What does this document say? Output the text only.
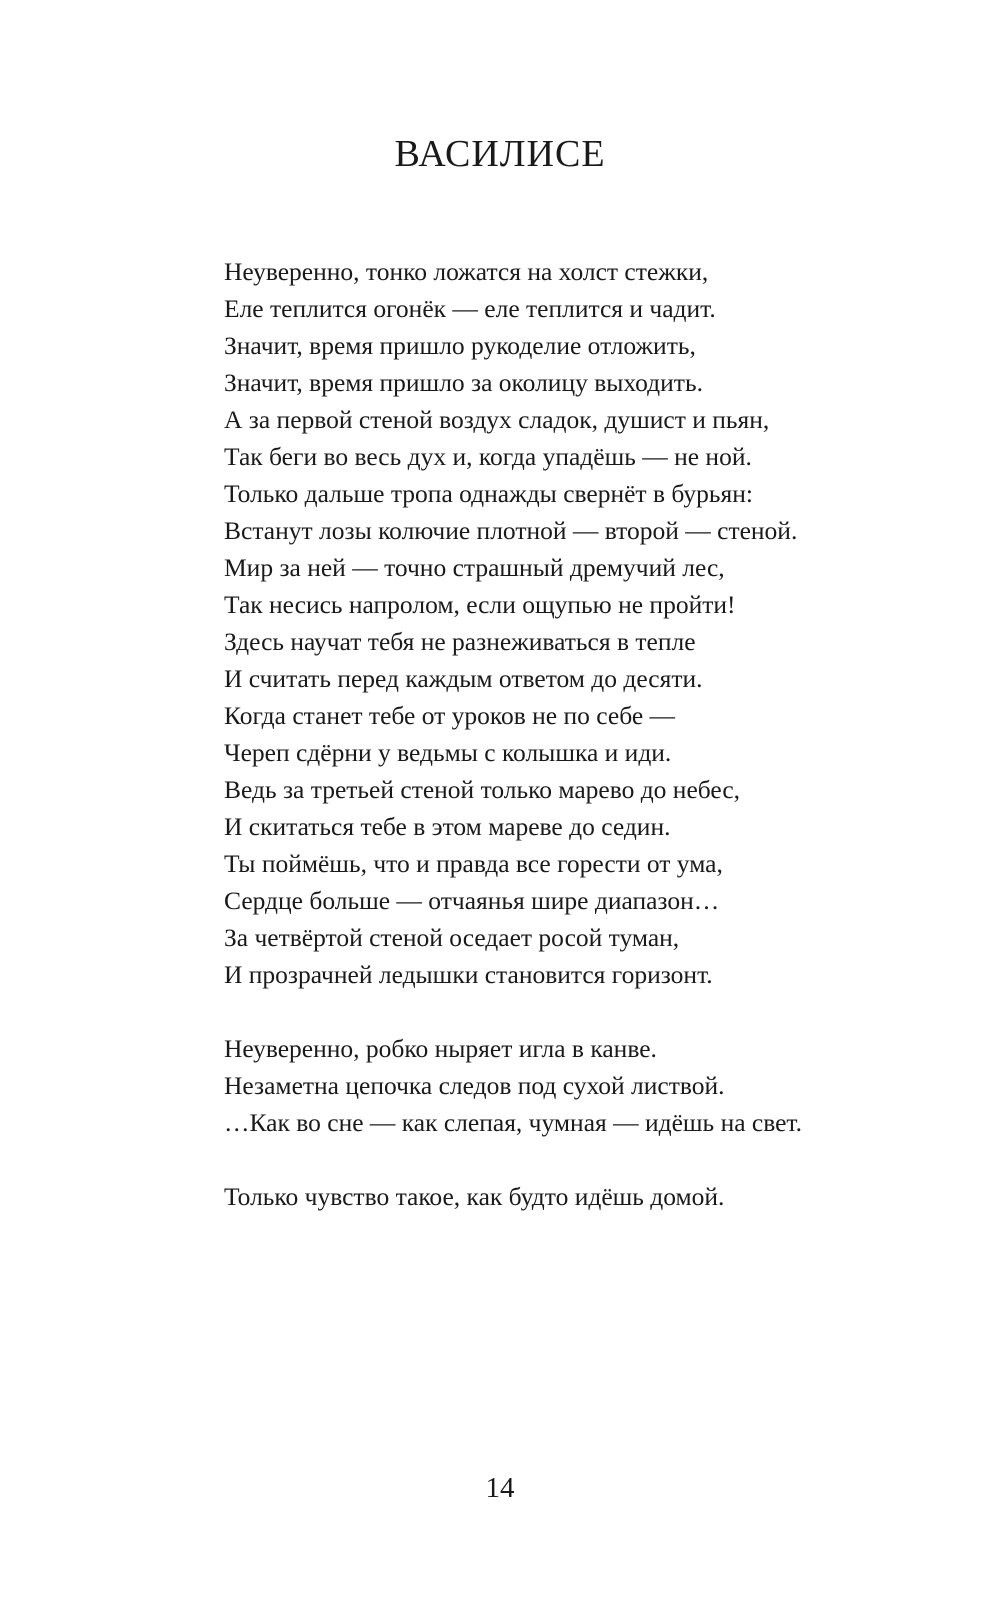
ВАСИЛИСЕ
Неуверенно, тонко ложатся на холст стежки,
Еле теплится огонёк — еле теплится и чадит.
Значит, время пришло рукоделие отложить,
Значит, время пришло за околицу выходить.
А за первой стеной воздух сладок, душист и пьян,
Так беги во весь дух и, когда упадёшь — не ной.
Только дальше тропа однажды свернёт в бурьян:
Встанут лозы колючие плотной — второй — стеной.
Мир за ней — точно страшный дремучий лес,
Так несись напролом, если ощупью не пройти!
Здесь научат тебя не разнеживаться в тепле
И считать перед каждым ответом до десяти.
Когда станет тебе от уроков не по себе —
Череп сдёрни у ведьмы с колышка и иди.
Ведь за третьей стеной только марево до небес,
И скитаться тебе в этом мареве до седин.
Ты поймёшь, что и правда все горести от ума,
Сердце больше — отчаянья шире диапазон…
За четвёртой стеной оседает росой туман,
И прозрачней ледышки становится горизонт.
Неуверенно, робко ныряет игла в канве.
Незаметна цепочка следов под сухой листвой.
…Как во сне — как слепая, чумная — идёшь на свет.
Только чувство такое, как будто идёшь домой.
14
